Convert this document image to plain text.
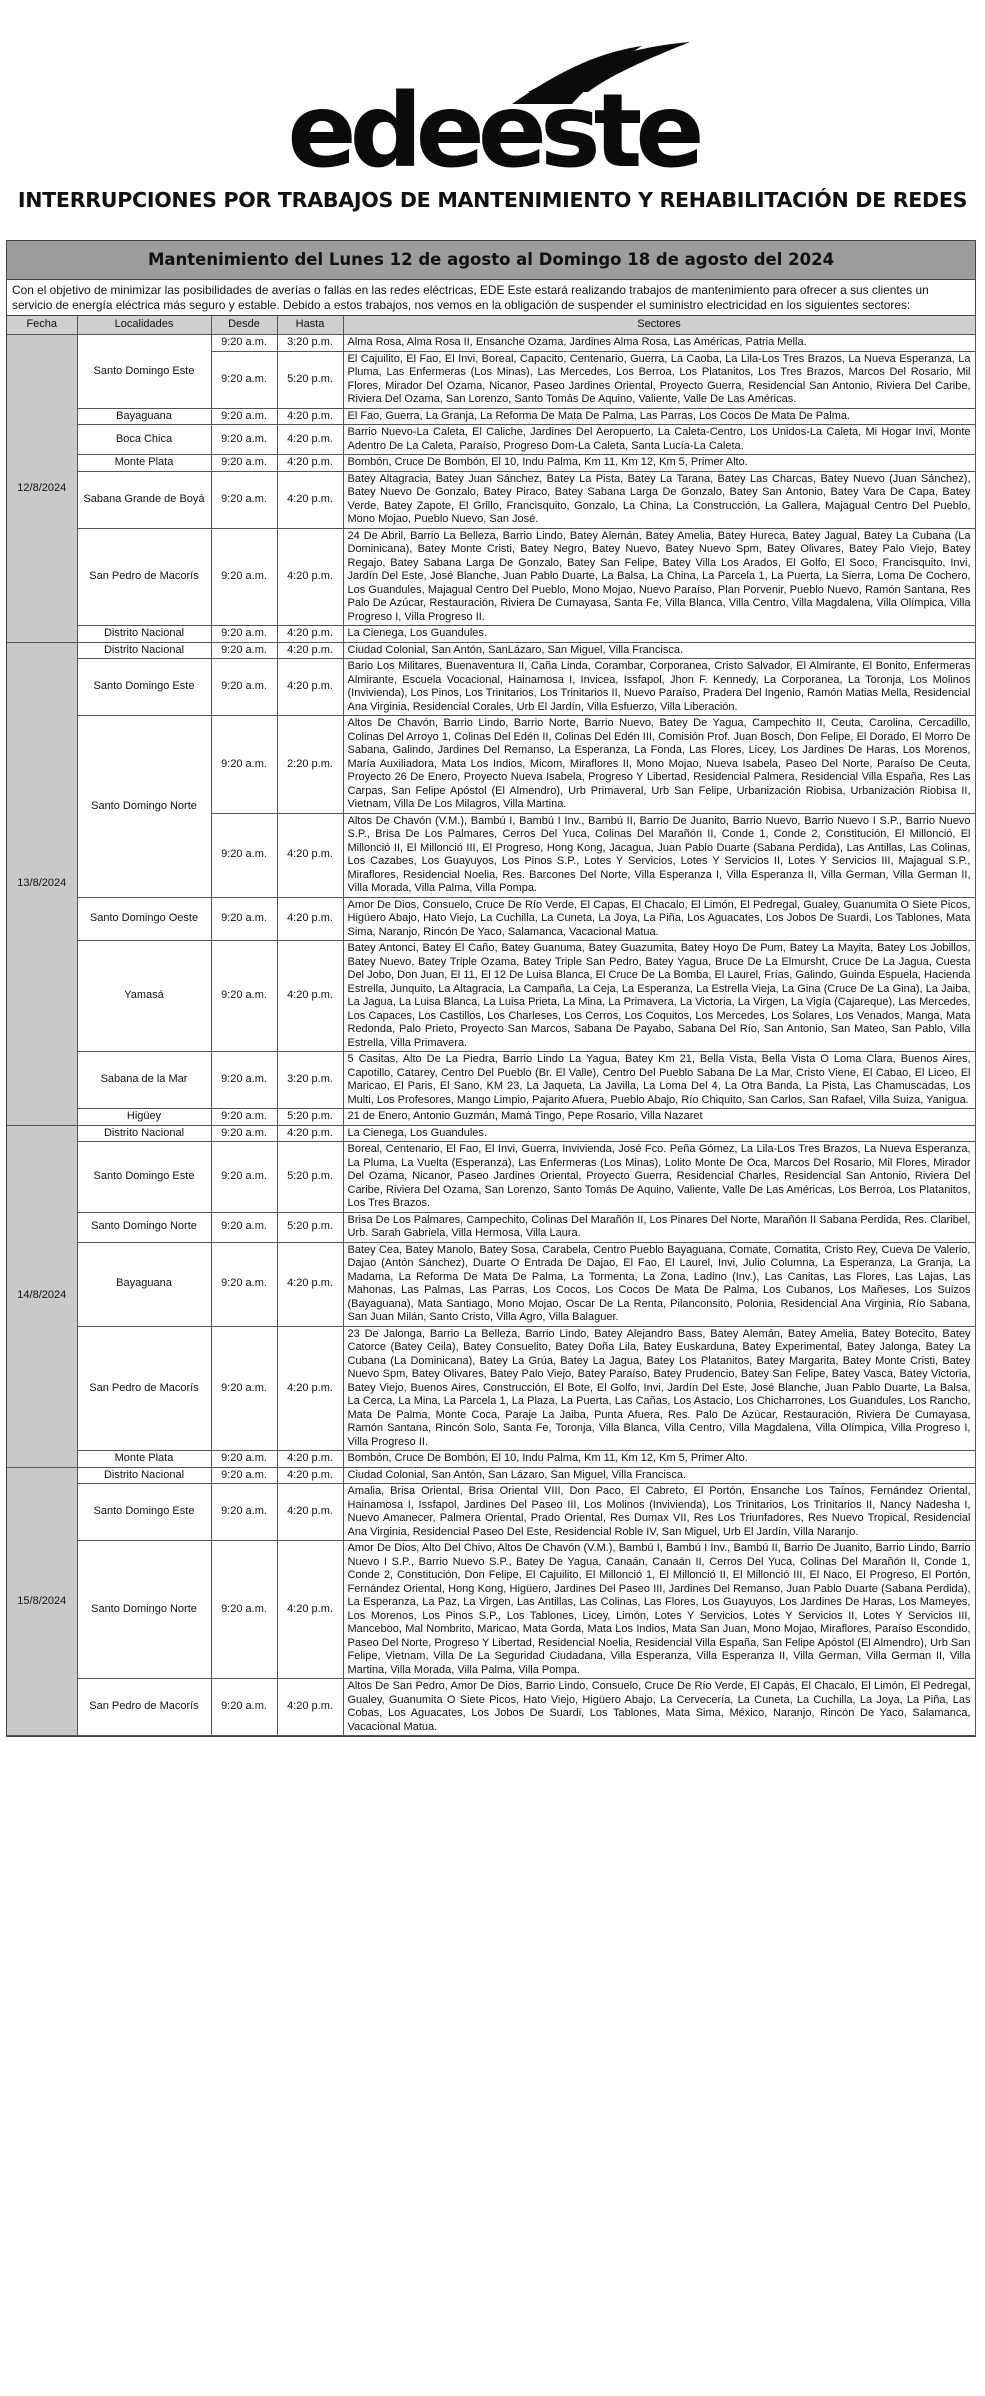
edeeste
INTERRUPCIONES POR TRABAJOS DE MANTENIMIENTO Y REHABILITACIÓN DE REDES
Mantenimiento del Lunes 12 de agosto al Domingo 18 de agosto del 2024
Con el objetivo de minimizar las posibilidades de averías o fallas en las redes eléctricas, EDE Este estará realizando trabajos de mantenimiento para ofrecer a sus clientes un servicio de energía eléctrica más seguro y estable. Debido a estos trabajos, nos vemos en la obligación de suspender el suministro electricidad en los siguientes sectores:
Fecha	Localidades	Desde	Hasta	Sectores
12/8/2024	Santo Domingo Este	9:20 a.m.	3:20 p.m.	Alma Rosa, Alma Rosa II, Ensanche Ozama, Jardines Alma Rosa, Las Américas, Patria Mella.
		9:20 a.m.	5:20 p.m.	El Cajuilito, El Fao, El Invi, Boreal, Capacito, Centenario, Guerra, La Caoba, La Lila-Los Tres Brazos, La Nueva Esperanza, La Pluma, Las Enfermeras (Los Minas), Las Mercedes, Los Berroa, Los Platanitos, Los Tres Brazos, Marcos Del Rosario, Mil Flores, Mirador Del Ozama, Nicanor, Paseo Jardines Oriental, Proyecto Guerra, Residencial San Antonio, Riviera Del Caribe, Riviera Del Ozama, San Lorenzo, Santo Tomás De Aquino, Valiente, Valle De Las Américas.
	Bayaguana	9:20 a.m.	4:20 p.m.	El Fao, Guerra, La Granja, La Reforma De Mata De Palma, Las Parras, Los Cocos De Mata De Palma.
	Boca Chica	9:20 a.m.	4:20 p.m.	Barrio Nuevo-La Caleta, El Caliche, Jardines Del Aeropuerto, La Caleta-Centro, Los Unidos-La Caleta, Mi Hogar Invi, Monte Adentro De La Caleta, Paraíso, Progreso Dom-La Caleta, Santa Lucía-La Caleta.
	Monte Plata	9:20 a.m.	4:20 p.m.	Bombón, Cruce De Bombón, El 10, Indu Palma, Km 11, Km 12, Km 5, Primer Alto.
	Sabana Grande de Boyá	9:20 a.m.	4:20 p.m.	Batey Altagracia, Batey Juan Sánchez, Batey La Pista, Batey La Tarana, Batey Las Charcas, Batey Nuevo (Juan Sánchez), Batey Nuevo De Gonzalo, Batey Piraco, Batey Sabana Larga De Gonzalo, Batey San Antonio, Batey Vara De Capa, Batey Verde, Batey Zapote, El Grillo, Francisquito, Gonzalo, La China, La Construcción, La Gallera, Majagual Centro Del Pueblo, Mono Mojao, Pueblo Nuevo, San José.
	San Pedro de Macorís	9:20 a.m.	4:20 p.m.	24 De Abril, Barrio La Belleza, Barrio Lindo, Batey Alemán, Batey Amelia, Batey Hureca, Batey Jagual, Batey La Cubana (La Dominicana), Batey Monte Cristi, Batey Negro, Batey Nuevo, Batey Nuevo Spm, Batey Olivares, Batey Palo Viejo, Batey Regajo, Batey Sabana Larga De Gonzalo, Batey San Felipe, Batey Villa Los Arados, El Golfo, El Soco, Francisquito, Invi, Jardín Del Este, José Blanche, Juan Pablo Duarte, La Balsa, La China, La Parcela 1, La Puerta, La Sierra, Loma De Cochero, Los Guandules, Majagual Centro Del Pueblo, Mono Mojao, Nuevo Paraíso, Plan Porvenir, Pueblo Nuevo, Ramón Santana, Res Palo De Azúcar, Restauración, Riviera De Cumayasa, Santa Fe, Villa Blanca, Villa Centro, Villa Magdalena, Villa Olímpica, Villa Progreso I, Villa Progreso II.
	Distrito Nacional	9:20 a.m.	4:20 p.m.	La Cienega, Los Guandules.
13/8/2024	Distrito Nacional	9:20 a.m.	4:20 p.m.	Ciudad Colonial, San Antón, SanLázaro, San Miguel, Villa Francisca.
	Santo Domingo Este	9:20 a.m.	4:20 p.m.	Bario Los Militares, Buenaventura II, Caña Linda, Corambar, Corporanea, Cristo Salvador, El Almirante, El Bonito, Enfermeras Almirante, Escuela Vocacional, Hainamosa I, Invicea, Issfapol, Jhon F. Kennedy, La Corporanea, La Toronja, Los Molinos (Invivienda), Los Pinos, Los Trinitarios, Los Trinitarios II, Nuevo Paraíso, Pradera Del Ingenio, Ramón Matias Mella, Residencial Ana Virginia, Residencial Corales, Urb El Jardín, Villa Esfuerzo, Villa Liberación.
	Santo Domingo Norte	9:20 a.m.	2:20 p.m.	Altos De Chavón, Barrio Lindo, Barrio Norte, Barrio Nuevo, Batey De Yagua, Campechito II, Ceuta, Carolina, Cercadillo, Colinas Del Arroyo 1, Colinas Del Edén II, Colinas Del Edén III, Comisión Prof. Juan Bosch, Don Felipe, El Dorado, El Morro De Sabana, Galindo, Jardines Del Remanso, La Esperanza, La Fonda, Las Flores, Licey, Los Jardines De Haras, Los Morenos, María Auxiliadora, Mata Los Indios, Micom, Miraflores II, Mono Mojao, Nueva Isabela, Paseo Del Norte, Paraíso De Ceuta, Proyecto 26 De Enero, Proyecto Nueva Isabela, Progreso Y Libertad, Residencial Palmera, Residencial Villa España, Res Las Carpas, San Felipe Apóstol (El Almendro), Urb Primaveral, Urb San Felipe, Urbanización Riobisa, Urbanización Riobisa II, Vietnam, Villa De Los Milagros, Villa Martina.
		9:20 a.m.	4:20 p.m.	Altos De Chavón (V.M.), Bambú I, Bambú I Inv., Bambú II, Barrio De Juanito, Barrio Nuevo, Barrio Nuevo I S.P., Barrio Nuevo S.P., Brisa De Los Palmares, Cerros Del Yuca, Colinas Del Marañón II, Conde 1, Conde 2, Constitución, El Millonció, El Millonció II, El Millonció III, El Progreso, Hong Kong, Jacagua, Juan Pablo Duarte (Sabana Perdida), Las Antillas, Las Colinas, Los Cazabes, Los Guayuyos, Los Pinos S.P., Lotes Y Servicios, Lotes Y Servicios II, Lotes Y Servicios III, Majagual S.P., Miraflores, Residencial Noelia, Res. Barcones Del Norte, Villa Esperanza I, Villa Esperanza II, Villa German, Villa German II, Villa Morada, Villa Palma, Villa Pompa.
	Santo Domingo Oeste	9:20 a.m.	4:20 p.m.	Amor De Dios, Consuelo, Cruce De Río Verde, El Capas, El Chacalo, El Limón, El Pedregal, Gualey, Guanumita O Siete Picos, Higüero Abajo, Hato Viejo, La Cuchilla, La Cuneta, La Joya, La Piña, Los Aguacates, Los Jobos De Suardi, Los Tablones, Mata Sima, Naranjo, Rincón De Yaco, Salamanca, Vacacional Matua.
	Yamasá	9:20 a.m.	4:20 p.m.	Batey Antonci, Batey El Caño, Batey Guanuma, Batey Guazumita, Batey Hoyo De Pum, Batey La Mayita, Batey Los Jobillos, Batey Nuevo, Batey Triple Ozama, Batey Triple San Pedro, Batey Yagua, Bruce De La Elmursht, Cruce De La Jagua, Cuesta Del Jobo, Don Juan, El 11, El 12 De Luisa Blanca, El Cruce De La Bomba, El Laurel, Frías, Galindo, Guinda Espuela, Hacienda Estrella, Junquito, La Altagracia, La Campaña, La Ceja, La Esperanza, La Estrella Vieja, La Gina (Cruce De La Gina), La Jaiba, La Jagua, La Luisa Blanca, La Luisa Prieta, La Mina, La Primavera, La Victoria, La Virgen, La Vigía (Cajareque), Las Mercedes, Los Capaces, Los Castillos, Los Charleses, Los Cerros, Los Coquitos, Los Mercedes, Los Solares, Los Venados, Manga, Mata Redonda, Palo Prieto, Proyecto San Marcos, Sabana De Payabo, Sabana Del Río, San Antonio, San Mateo, San Pablo, Villa Estrella, Villa Primavera.
	Sabana de la Mar	9:20 a.m.	3:20 p.m.	5 Casitas, Alto De La Piedra, Barrio Lindo La Yagua, Batey Km 21, Bella Vista, Bella Vista O Loma Clara, Buenos Aires, Capotillo, Catarey, Centro Del Pueblo (Br. El Valle), Centro Del Pueblo Sabana De La Mar, Cristo Viene, El Cabao, El Liceo, El Maricao, El Paris, El Sano, KM 23, La Jaqueta, La Javilla, La Loma Del 4, La Otra Banda, La Pista, Las Chamuscadas, Los Multi, Los Profesores, Mango Limpio, Pajarito Afuera, Pueblo Abajo, Río Chiquito, San Carlos, San Rafael, Villa Suiza, Yanigua.
	Higüey	9:20 a.m.	5:20 p.m.	21 de Enero, Antonio Guzmán, Mamá Tingo, Pepe Rosario, Villa Nazaret
14/8/2024	Distrito Nacional	9:20 a.m.	4:20 p.m.	La Cienega, Los Guandules.
	Santo Domingo Este	9:20 a.m.	5:20 p.m.	Boreal, Centenario, El Fao, El Invi, Guerra, Invivienda, José Fco. Peña Gómez, La Lila-Los Tres Brazos, La Nueva Esperanza, La Pluma, La Vuelta (Esperanza), Las Enfermeras (Los Minas), Lolito Monte De Oca, Marcos Del Rosario, Mil Flores, Mirador Del Ozama, Nicanor, Paseo Jardines Oriental, Proyecto Guerra, Residencial Charles, Residencial San Antonio, Riviera Del Caribe, Riviera Del Ozama, San Lorenzo, Santo Tomás De Aquino, Valiente, Valle De Las Américas, Los Berroa, Los Platanitos, Los Tres Brazos.
	Santo Domingo Norte	9:20 a.m.	5:20 p.m.	Brisa De Los Palmares, Campechito, Colinas Del Marañón II, Los Pinares Del Norte, Marañón II Sabana Perdida, Res. Claribel, Urb. Sarah Gabriela, Villa Hermosa, Villa Laura.
	Bayaguana	9:20 a.m.	4:20 p.m.	Batey Cea, Batey Manolo, Batey Sosa, Carabela, Centro Pueblo Bayaguana, Comate, Comatita, Cristo Rey, Cueva De Valerio, Dajao (Antón Sánchez), Duarte O Entrada De Dajao, El Fao, El Laurel, Invi, Julio Columna, La Esperanza, La Granja, La Madama, La Reforma De Mata De Palma, La Tormenta, La Zona, Ladino (Inv.), Las Canitas, Las Flores, Las Lajas, Las Mahonas, Las Palmas, Las Parras, Los Cocos, Los Cocos De Mata De Palma, Los Cubanos, Los Mañeses, Los Suizos (Bayaguana), Mata Santiago, Mono Mojao, Oscar De La Renta, Pilanconsito, Polonia, Residencial Ana Virginia, Río Sabana, San Juan Milán, Santo Cristo, Villa Agro, Villa Balaguer.
	San Pedro de Macorís	9:20 a.m.	4:20 p.m.	23 De Jalonga, Barrio La Belleza, Barrio Lindo, Batey Alejandro Bass, Batey Alemán, Batey Amelia, Batey Botecito, Batey Catorce (Batey Ceila), Batey Consuelito, Batey Doña Lila, Batey Euskarduna, Batey Experimental, Batey Jalonga, Batey La Cubana (La Dominicana), Batey La Grúa, Batey La Jagua, Batey Los Platanitos, Batey Margarita, Batey Monte Cristi, Batey Nuevo Spm, Batey Olivares, Batey Palo Viejo, Batey Paraíso, Batey Prudencio, Batey San Felipe, Batey Vasca, Batey Victoria, Batey Viejo, Buenos Aires, Construcción, El Bote, El Golfo, Invi, Jardín Del Este, José Blanche, Juan Pablo Duarte, La Balsa, La Cerca, La Mina, La Parcela 1, La Plaza, La Puerta, Las Cañas, Los Astacio, Los Chicharrones, Los Guandules, Los Rancho, Mata De Palma, Monte Coca, Paraje La Jaiba, Punta Afuera, Res. Palo De Azúcar, Restauración, Riviera De Cumayasa, Ramón Santana, Rincón Solo, Santa Fe, Toronja, Villa Blanca, Villa Centro, Villa Magdalena, Villa Olímpica, Villa Progreso I, Villa Progreso II.
	Monte Plata	9:20 a.m.	4:20 p.m.	Bombón, Cruce De Bombón, El 10, Indu Palma, Km 11, Km 12, Km 5, Primer Alto.
15/8/2024	Distrito Nacional	9:20 a.m.	4:20 p.m.	Ciudad Colonial, San Antón, San Lázaro, San Miguel, Villa Francisca.
	Santo Domingo Este	9:20 a.m.	4:20 p.m.	Amalia, Brisa Oriental, Brisa Oriental VIII, Don Paco, El Cabreto, El Portón, Ensanche Los Taínos, Fernández Oriental, Hainamosa I, Issfapol, Jardines Del Paseo III, Los Molinos (Invivienda), Los Trinitarios, Los Trinitarios II, Nancy Nadesha I, Nuevo Amanecer, Palmera Oriental, Prado Oriental, Res Dumax VII, Res Los Triunfadores, Res Nuevo Tropical, Residencial Ana Virginia, Residencial Paseo Del Este, Residencial Roble IV, San Miguel, Urb El Jardín, Villa Naranjo.
	Santo Domingo Norte	9:20 a.m.	4:20 p.m.	Amor De Dios, Alto Del Chivo, Altos De Chavón (V.M.), Bambú I, Bambú I Inv., Bambú II, Barrio De Juanito, Barrio Lindo, Barrio Nuevo I S.P., Barrio Nuevo S.P., Batey De Yagua, Canaán, Canaán II, Cerros Del Yuca, Colinas Del Marañón II, Conde 1, Conde 2, Constitución, Don Felipe, El Cajuilito, El Millonció 1, El Millonció II, El Millonció III, El Naco, El Progreso, El Portón, Fernández Oriental, Hong Kong, Higüero, Jardines Del Paseo III, Jardines Del Remanso, Juan Pablo Duarte (Sabana Perdida), La Esperanza, La Paz, La Virgen, Las Antillas, Las Colinas, Las Flores, Los Guayuyos, Los Jardines De Haras, Los Mameyes, Los Morenos, Los Pinos S.P., Los Tablones, Licey, Limón, Lotes Y Servicios, Lotes Y Servicios II, Lotes Y Servicios III, Manceboo, Mal Nombrito, Maricao, Mata Gorda, Mata Los Indios, Mata San Juan, Mono Mojao, Miraflores, Paraíso Escondido, Paseo Del Norte, Progreso Y Libertad, Residencial Noelia, Residencial Villa España, San Felipe Apóstol (El Almendro), Urb San Felipe, Vietnam, Villa De La Seguridad Ciudadana, Villa Esperanza, Villa Esperanza II, Villa German, Villa German II, Villa Martina, Villa Morada, Villa Palma, Villa Pompa.
	San Pedro de Macorís	9:20 a.m.	4:20 p.m.	Altos De San Pedro, Amor De Dios, Barrio Lindo, Consuelo, Cruce De Río Verde, El Capás, El Chacalo, El Limón, El Pedregal, Gualey, Guanumita O Siete Picos, Hato Viejo, Higüero Abajo, La Cervecería, La Cuneta, La Cuchilla, La Joya, La Piña, Las Cobas, Los Aguacates, Los Jobos De Suardi, Los Tablones, Mata Sima, México, Naranjo, Rincón De Yaco, Salamanca, Vacacional Matua.
